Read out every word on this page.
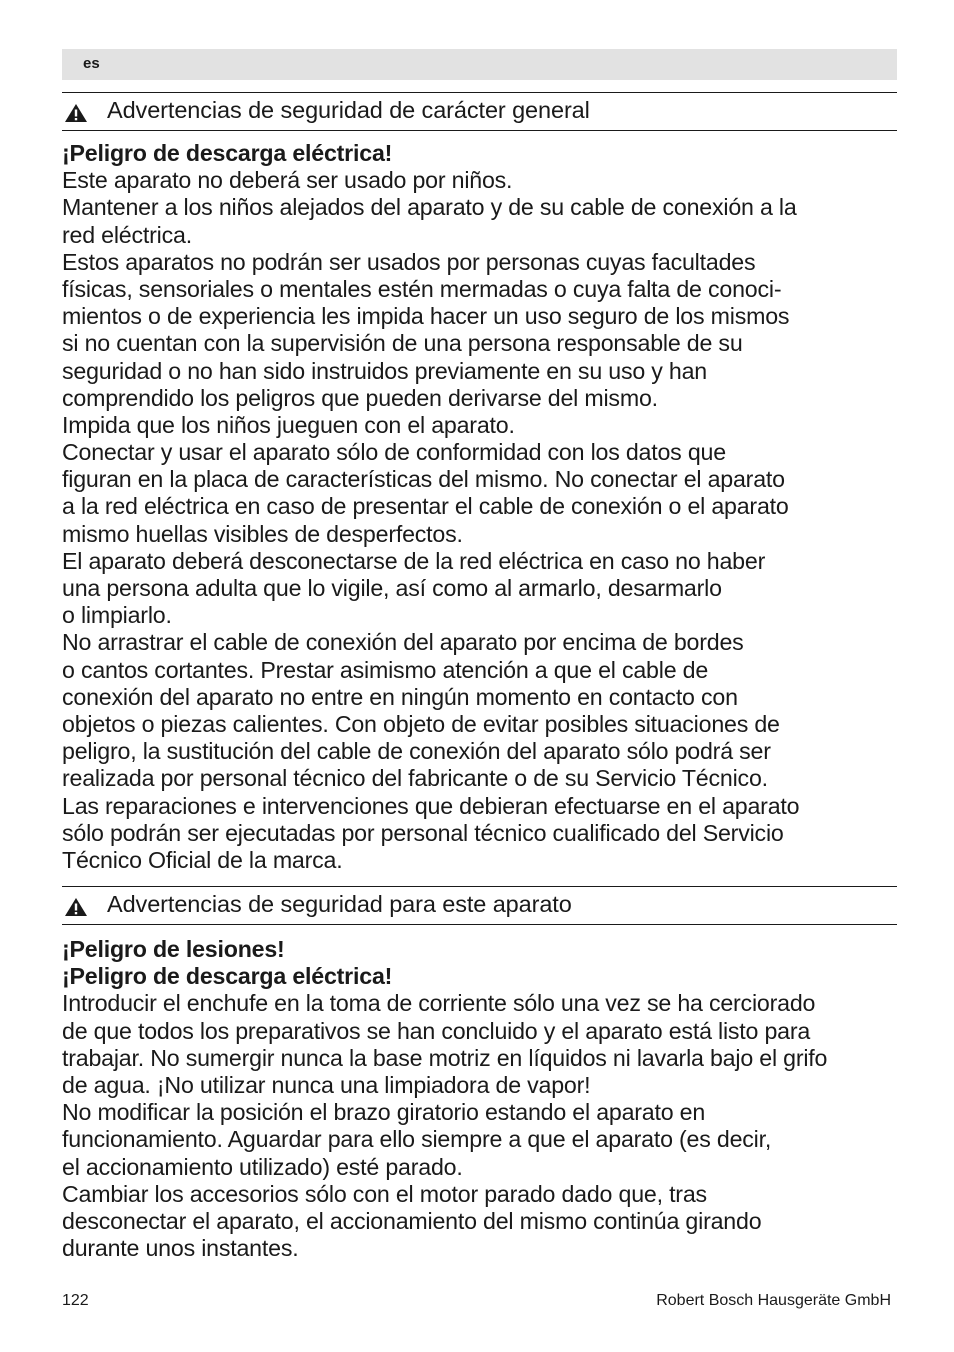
es
Advertencias de seguridad de carácter general
¡Peligro de descarga eléctrica!
Este aparato no deberá ser usado por niños.
Mantener a los niños alejados del aparato y de su cable de conexión a la
red eléctrica.
Estos aparatos no podrán ser usados por personas cuyas facultades
físicas, sensoriales o mentales estén mermadas o cuya falta de conoci-
mientos o de experiencia les impida hacer un uso seguro de los mismos
si no cuentan con la supervisión de una persona responsable de su
seguridad o no han sido instruidos previamente en su uso y han
comprendido los peligros que pueden derivarse del mismo.
Impida que los niños jueguen con el aparato.
Conectar y usar el aparato sólo de conformidad con los datos que
figuran en la placa de características del mismo. No conectar el aparato
a la red eléctrica en caso de presentar el cable de conexión o el aparato
mismo huellas visibles de desperfectos.
El aparato deberá desconectarse de la red eléctrica en caso no haber
una persona adulta que lo vigile, así como al armarlo, desarmarlo
o limpiarlo.
No arrastrar el cable de conexión del aparato por encima de bordes
o cantos cortantes. Prestar asimismo atención a que el cable de
conexión del aparato no entre en ningún momento en contacto con
objetos o piezas calientes. Con objeto de evitar posibles situaciones de
peligro, la sustitución del cable de conexión del aparato sólo podrá ser
realizada por personal técnico del fabricante o de su Servicio Técnico.
Las reparaciones e intervenciones que debieran efectuarse en el aparato
sólo podrán ser ejecutadas por personal técnico cualificado del Servicio
Técnico Oficial de la marca.
Advertencias de seguridad para este aparato
¡Peligro de lesiones!
¡Peligro de descarga eléctrica!
Introducir el enchufe en la toma de corriente sólo una vez se ha cerciorado
de que todos los preparativos se han concluido y el aparato está listo para
trabajar. No sumergir nunca la base motriz en líquidos ni lavarla bajo el grifo
de agua. ¡No utilizar nunca una limpiadora de vapor!
No modificar la posición el brazo giratorio estando el aparato en
funcionamiento. Aguardar para ello siempre a que el aparato (es decir,
el accionamiento utilizado) esté parado.
Cambiar los accesorios sólo con el motor parado dado que, tras
desconectar el aparato, el accionamiento del mismo continúa girando
durante unos instantes.
122	Robert Bosch Hausgeräte GmbH
